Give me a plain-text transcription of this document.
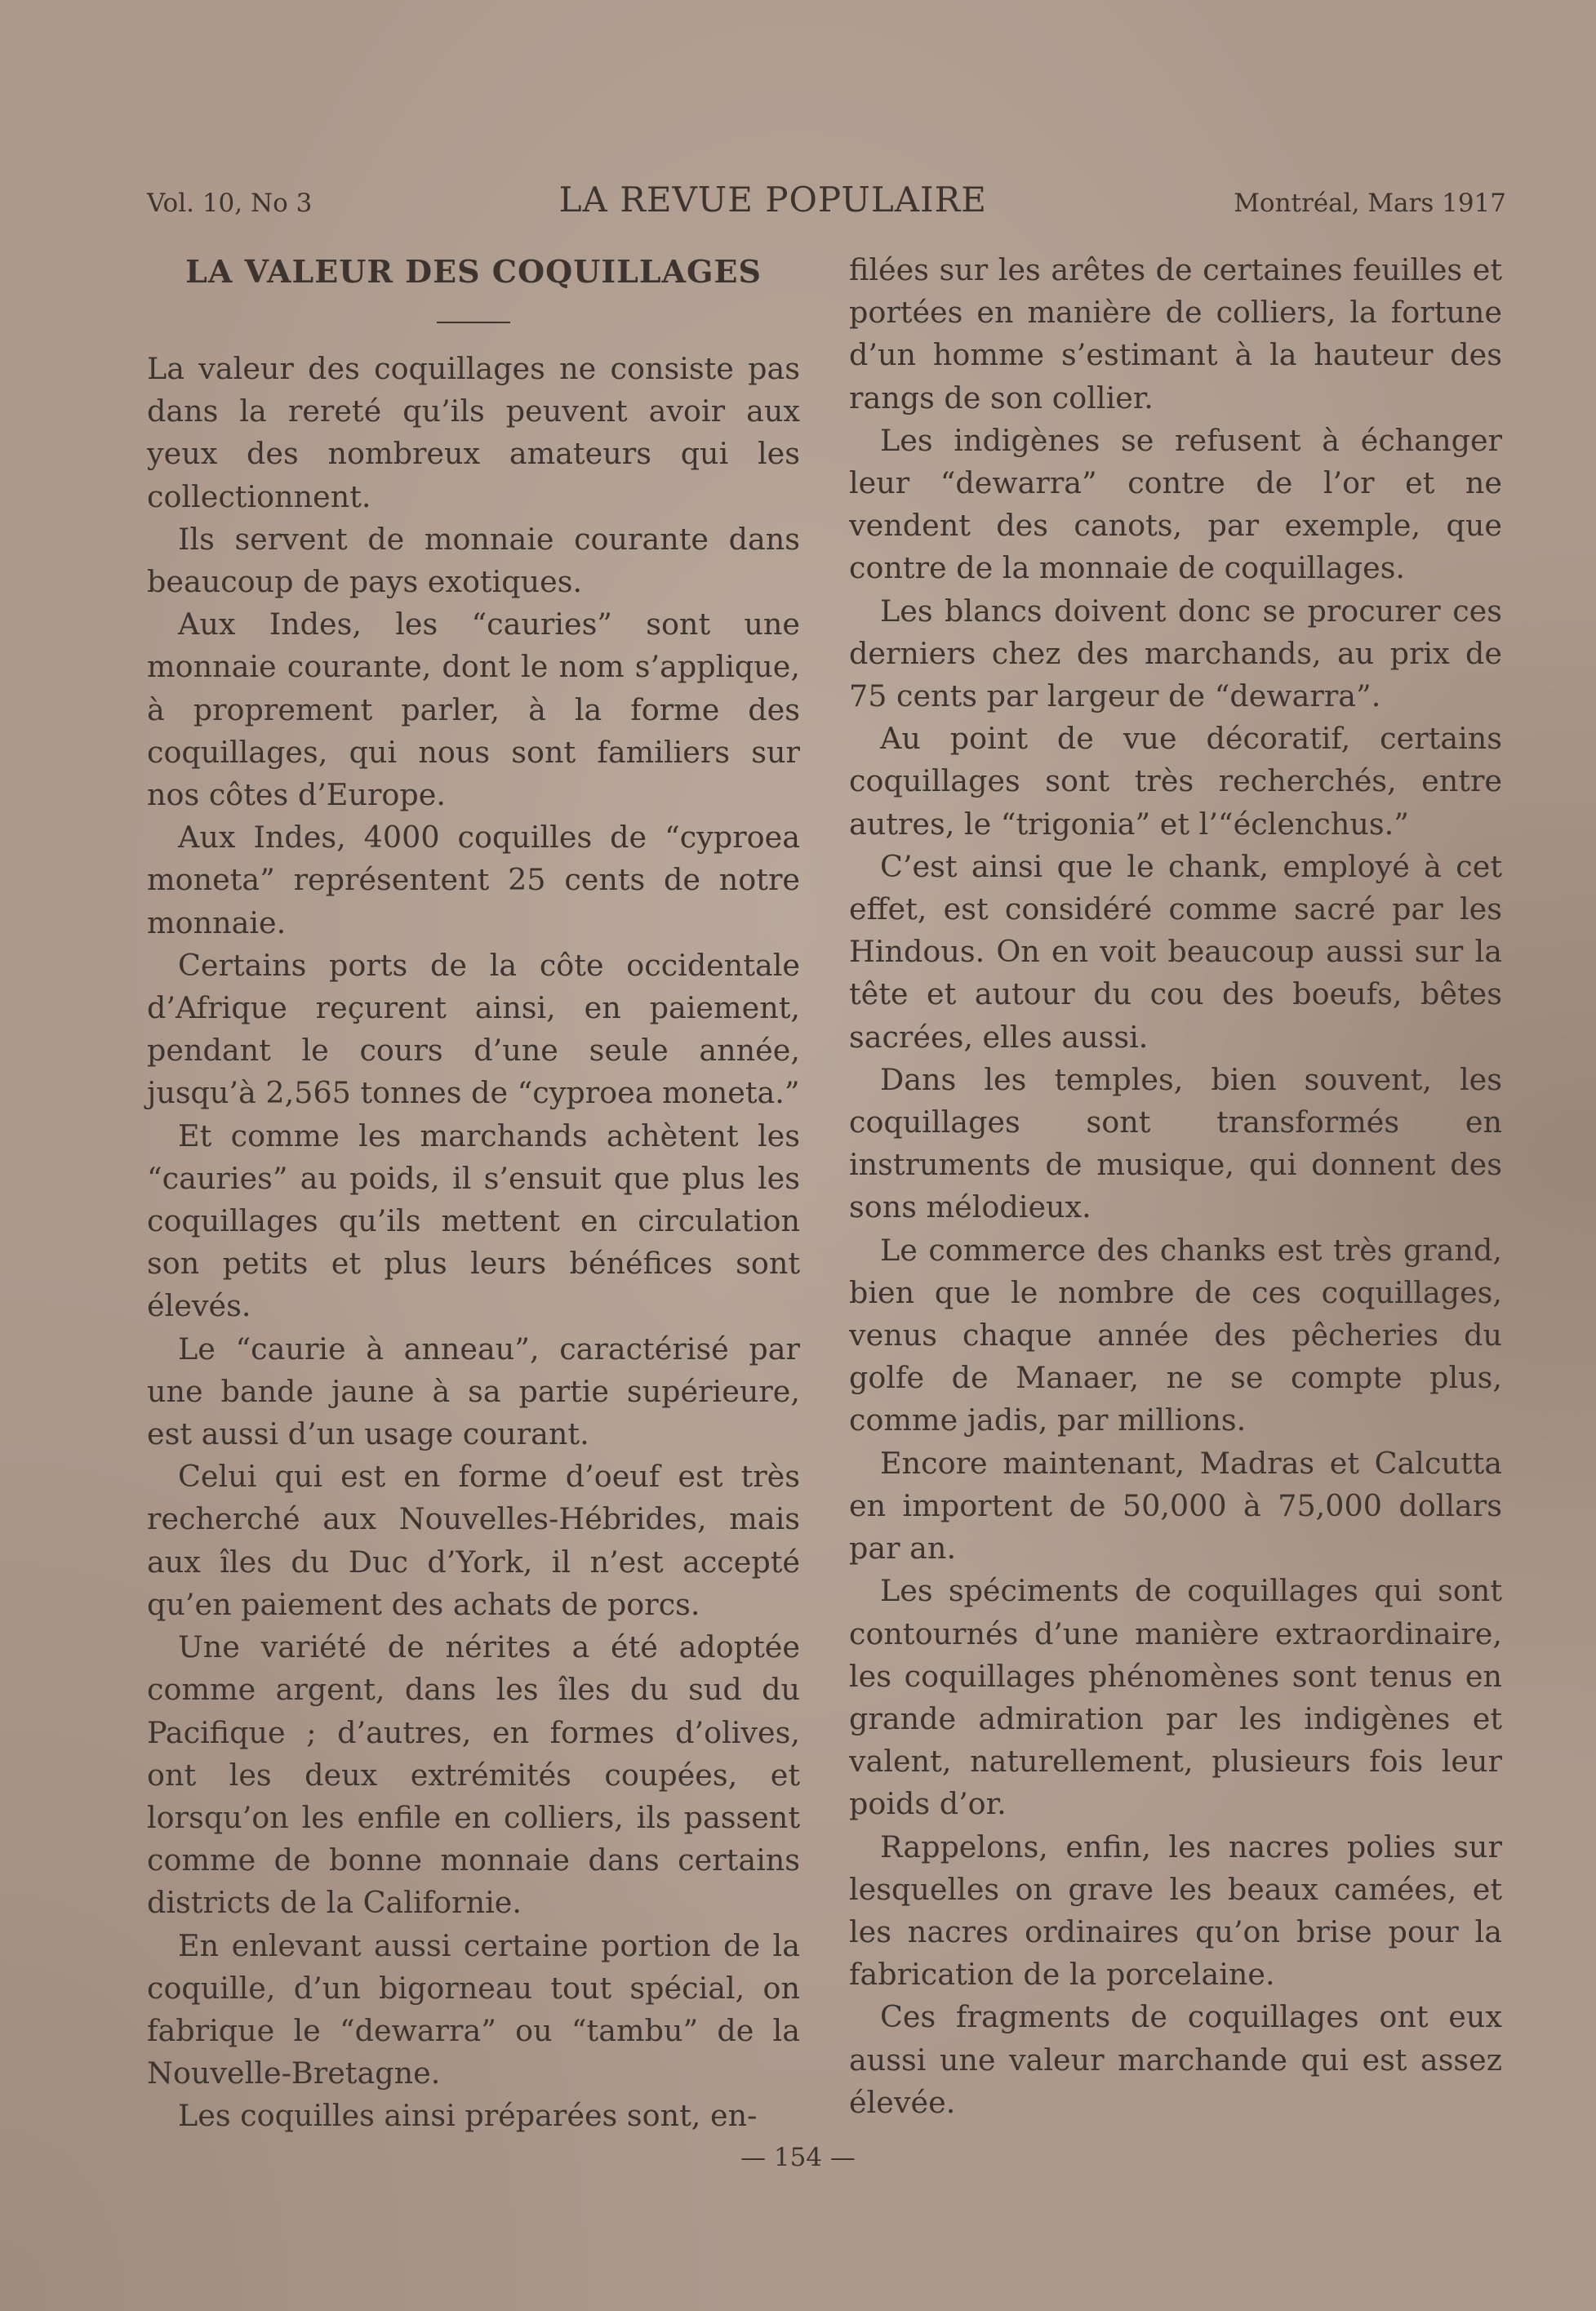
Vol. 10, No 3	LA REVUE POPULAIRE	Montréal, Mars 1917
LA VALEUR DES COQUILLAGES

La valeur des coquillages ne consiste pas dans la rereté qu’ils peuvent avoir aux yeux des nombreux amateurs qui les collectionnent.

Ils servent de monnaie courante dans beaucoup de pays exotiques.

Aux Indes, les “cauries” sont une monnaie courante, dont le nom s’applique, à proprement parler, à la forme des coquillages, qui nous sont familiers sur nos côtes d’Europe.

Aux Indes, 4000 coquilles de “cyproea moneta” représentent 25 cents de notre monnaie.

Certains ports de la côte occidentale d’Afrique reçurent ainsi, en paiement, pendant le cours d’une seule année, jusqu’à 2,565 tonnes de “cyproea moneta.”

Et comme les marchands achètent les “cauries” au poids, il s’ensuit que plus les coquillages qu’ils mettent en circulation son petits et plus leurs bénéfices sont élevés.

Le “caurie à anneau”, caractérisé par une bande jaune à sa partie supérieure, est aussi d’un usage courant.

Celui qui est en forme d’oeuf est très recherché aux Nouvelles-Hébrides, mais aux îles du Duc d’York, il n’est accepté qu’en paiement des achats de porcs.

Une variété de nérites a été adoptée comme argent, dans les îles du sud du Pacifique ; d’autres, en formes d’olives, ont les deux extrémités coupées, et lorsqu’on les enfile en colliers, ils passent comme de bonne monnaie dans certains districts de la Californie.

En enlevant aussi certaine portion de la coquille, d’un bigorneau tout spécial, on fabrique le “dewarra” ou “tambu” de la Nouvelle-Bretagne.

Les coquilles ainsi préparées sont, en-

filées sur les arêtes de certaines feuilles et portées en manière de colliers, la fortune d’un homme s’estimant à la hauteur des rangs de son collier.

Les indigènes se refusent à échanger leur “dewarra” contre de l’or et ne vendent des canots, par exemple, que contre de la monnaie de coquillages.

Les blancs doivent donc se procurer ces derniers chez des marchands, au prix de 75 cents par largeur de “dewarra”.

Au point de vue décoratif, certains coquillages sont très recherchés, entre autres, le “trigonia” et l’“éclenchus.”

C’est ainsi que le chank, employé à cet effet, est considéré comme sacré par les Hindous. On en voit beaucoup aussi sur la tête et autour du cou des boeufs, bêtes sacrées, elles aussi.

Dans les temples, bien souvent, les coquillages sont transformés en instruments de musique, qui donnent des sons mélodieux.

Le commerce des chanks est très grand, bien que le nombre de ces coquillages, venus chaque année des pêcheries du golfe de Manaer, ne se compte plus, comme jadis, par millions.

Encore maintenant, Madras et Calcutta en importent de 50,000 à 75,000 dollars par an.

Les spéciments de coquillages qui sont contournés d’une manière extraordinaire, les coquillages phénomènes sont tenus en grande admiration par les indigènes et valent, naturellement, plusieurs fois leur poids d’or.

Rappelons, enfin, les nacres polies sur lesquelles on grave les beaux camées, et les nacres ordinaires qu’on brise pour la fabrication de la porcelaine.

Ces fragments de coquillages ont eux aussi une valeur marchande qui est assez élevée.

— 154 —
